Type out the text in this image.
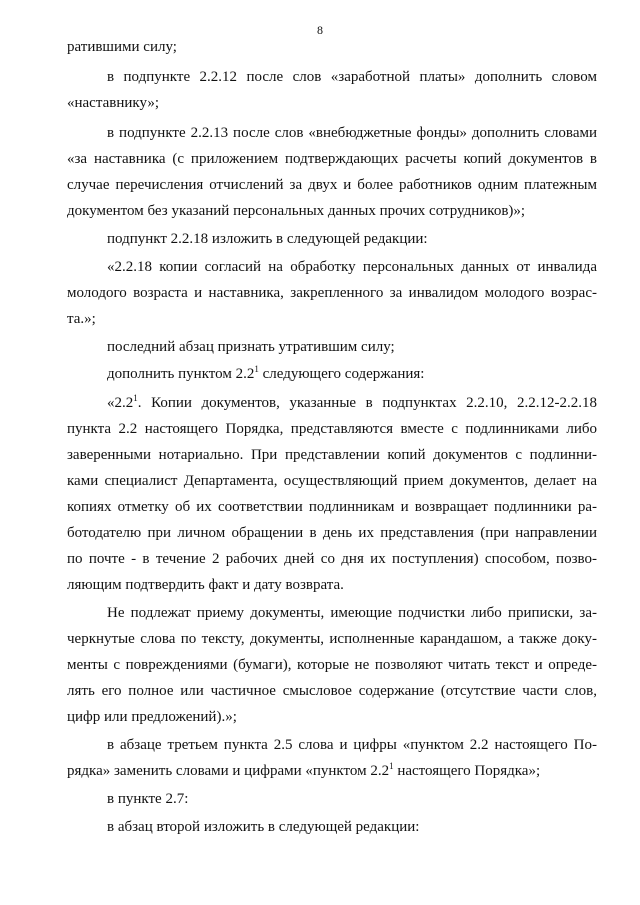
8
ратившими силу;
в подпункте 2.2.12 после слов «заработной платы» дополнить словом
«наставнику»;
в подпункте 2.2.13 после слов «внебюджетные фонды» дополнить словами
«за наставника (с приложением подтверждающих расчеты копий документов в
случае перечисления отчислений за двух и более работников одним платежным
документом без указаний персональных данных прочих сотрудников)»;
подпункт 2.2.18 изложить в следующей редакции:
«2.2.18 копии согласий на обработку персональных данных от инвалида
молодого возраста и наставника, закрепленного за инвалидом молодого возрас-
та.»;
последний абзац признать утратившим силу;
дополнить пунктом $2.2^1$ следующего содержания:
«$2.2^1$. Копии документов, указанные в подпунктах 2.2.10, 2.2.12-2.2.18
пункта 2.2 настоящего Порядка, представляются вместе с подлинниками либо
заверенными нотариально. При представлении копий документов с подлинни-
ками специалист Департамента, осуществляющий прием документов, делает на
копиях отметку об их соответствии подлинникам и возвращает подлинники ра-
ботодателю при личном обращении в день их представления (при направлении
по почте - в течение 2 рабочих дней со дня их поступления) способом, позво-
ляющим подтвердить факт и дату возврата.
Не подлежат приему документы, имеющие подчистки либо приписки, за-
черкнутые слова по тексту, документы, исполненные карандашом, а также доку-
менты с повреждениями (бумаги), которые не позволяют читать текст и опреде-
лять его полное или частичное смысловое содержание (отсутствие части слов,
цифр или предложений).»;
в абзаце третьем пункта 2.5 слова и цифры «пунктом 2.2 настоящего По-
рядка» заменить словами и цифрами «пунктом $2.2^1$ настоящего Порядка»;
в пункте 2.7:
в абзац второй изложить в следующей редакции:
